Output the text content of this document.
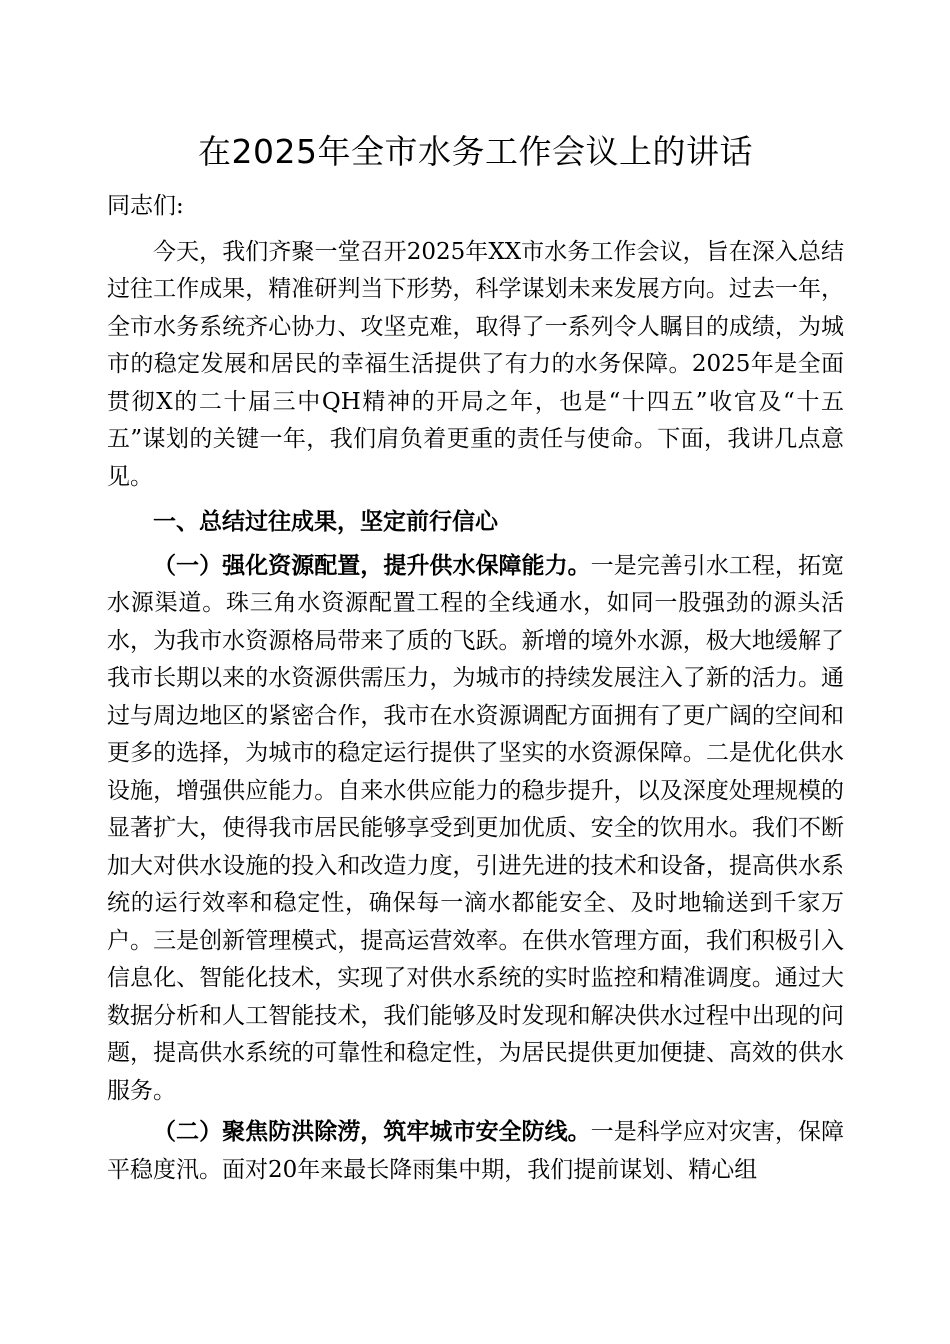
在2025年全市水务工作会议上的讲话

同志们:

今天，我们齐聚一堂召开2025年XX市水务工作会议，旨在深入总结过往工作成果，精准研判当下形势，科学谋划未来发展方向。过去一年，全市水务系统齐心协力、攻坚克难，取得了一系列令人瞩目的成绩，为城市的稳定发展和居民的幸福生活提供了有力的水务保障。2025年是全面贯彻X的二十届三中QH精神的开局之年，也是“十四五”收官及“十五五”谋划的关键一年，我们肩负着更重的责任与使命。下面，我讲几点意见。

一、总结过往成果，坚定前行信心

（一）强化资源配置，提升供水保障能力。一是完善引水工程，拓宽水源渠道。珠三角水资源配置工程的全线通水，如同一股强劲的源头活水，为我市水资源格局带来了质的飞跃。新增的境外水源，极大地缓解了我市长期以来的水资源供需压力，为城市的持续发展注入了新的活力。通过与周边地区的紧密合作，我市在水资源调配方面拥有了更广阔的空间和更多的选择，为城市的稳定运行提供了坚实的水资源保障。二是优化供水设施，增强供应能力。自来水供应能力的稳步提升，以及深度处理规模的显著扩大，使得我市居民能够享受到更加优质、安全的饮用水。我们不断加大对供水设施的投入和改造力度，引进先进的技术和设备，提高供水系统的运行效率和稳定性，确保每一滴水都能安全、及时地输送到千家万户。三是创新管理模式，提高运营效率。在供水管理方面，我们积极引入信息化、智能化技术，实现了对供水系统的实时监控和精准调度。通过大数据分析和人工智能技术，我们能够及时发现和解决供水过程中出现的问题，提高供水系统的可靠性和稳定性，为居民提供更加便捷、高效的供水服务。

（二）聚焦防洪除涝，筑牢城市安全防线。一是科学应对灾害，保障平稳度汛。面对20年来最长降雨集中期，我们提前谋划、精心组
